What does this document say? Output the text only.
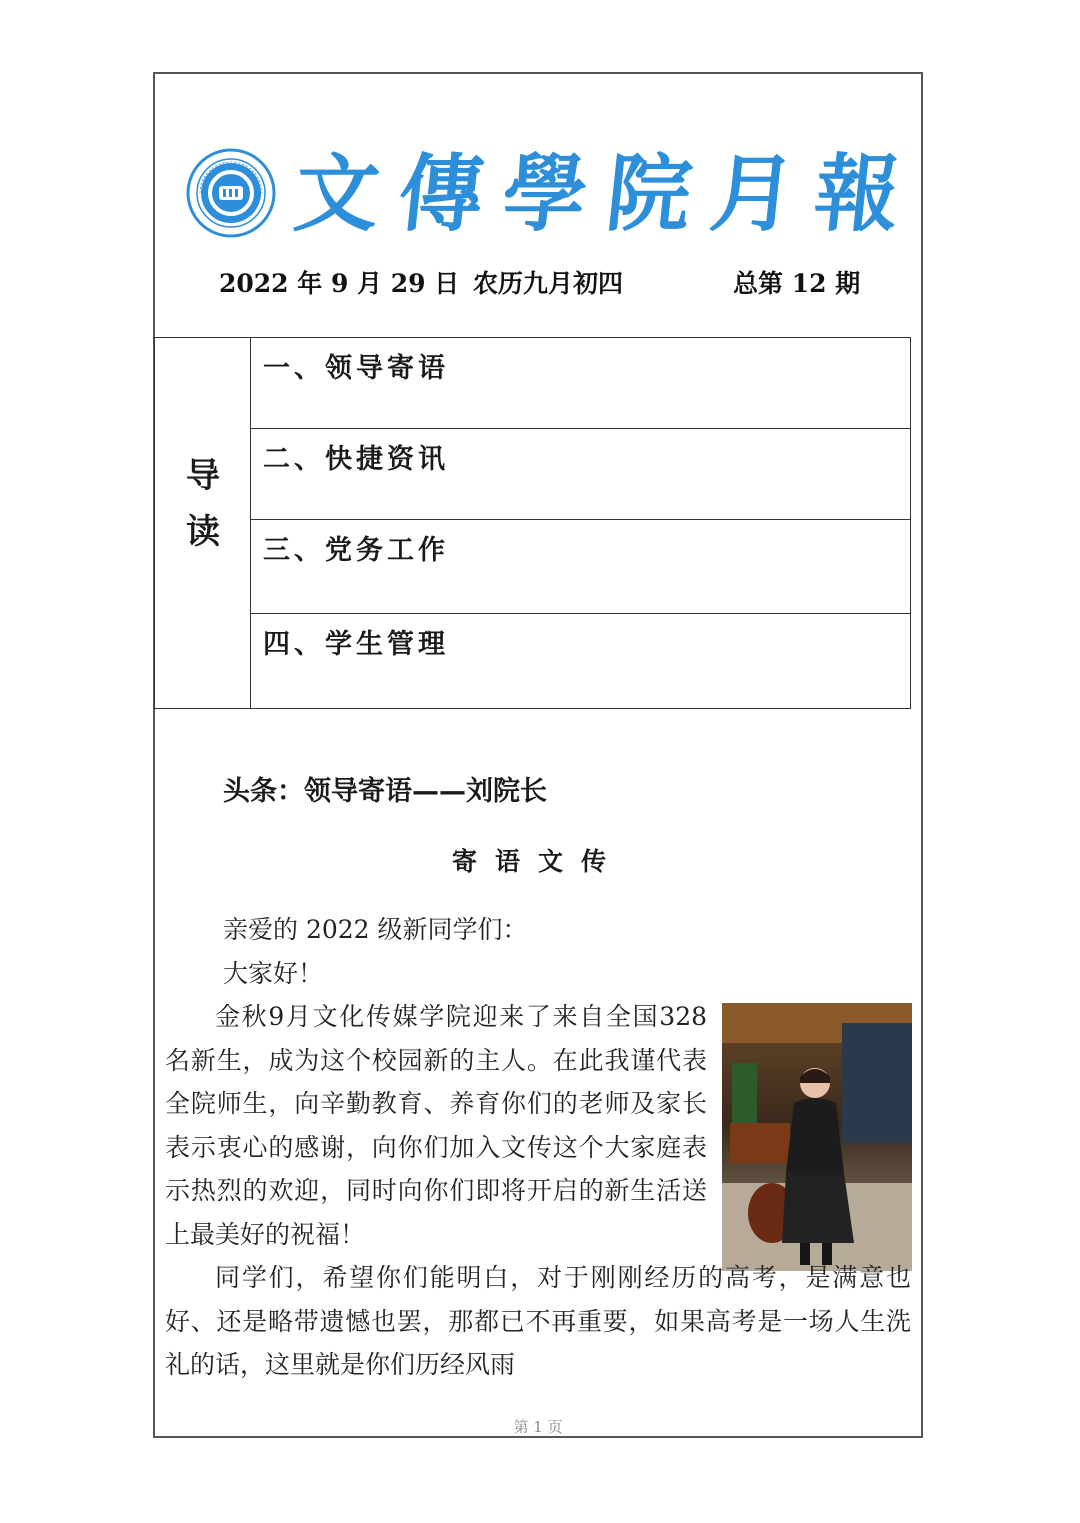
文傳學院月報
2022 年 9 月 29 日 农历九月初四	总第 12 期
导读
一、领导寄语
二、快捷资讯
三、党务工作
四、学生管理
头条：领导寄语——刘院长
寄语文传
亲爱的 2022 级新同学们：
大家好！
金秋9月文化传媒学院迎来了来自全国328 名新生，成为这个校园新的主人。在此我谨代表全院师生，向辛勤教育、养育你们的老师及家长表示衷心的感谢，向你们加入文传这个大家庭表示热烈的欢迎，同时向你们即将开启的新生活送上最美好的祝福！
同学们，希望你们能明白，对于刚刚经历的高考，是满意也好、还是略带遗憾也罢，那都已不再重要，如果高考是一场人生洗礼的话，这里就是你们历经风雨
第 1 页
